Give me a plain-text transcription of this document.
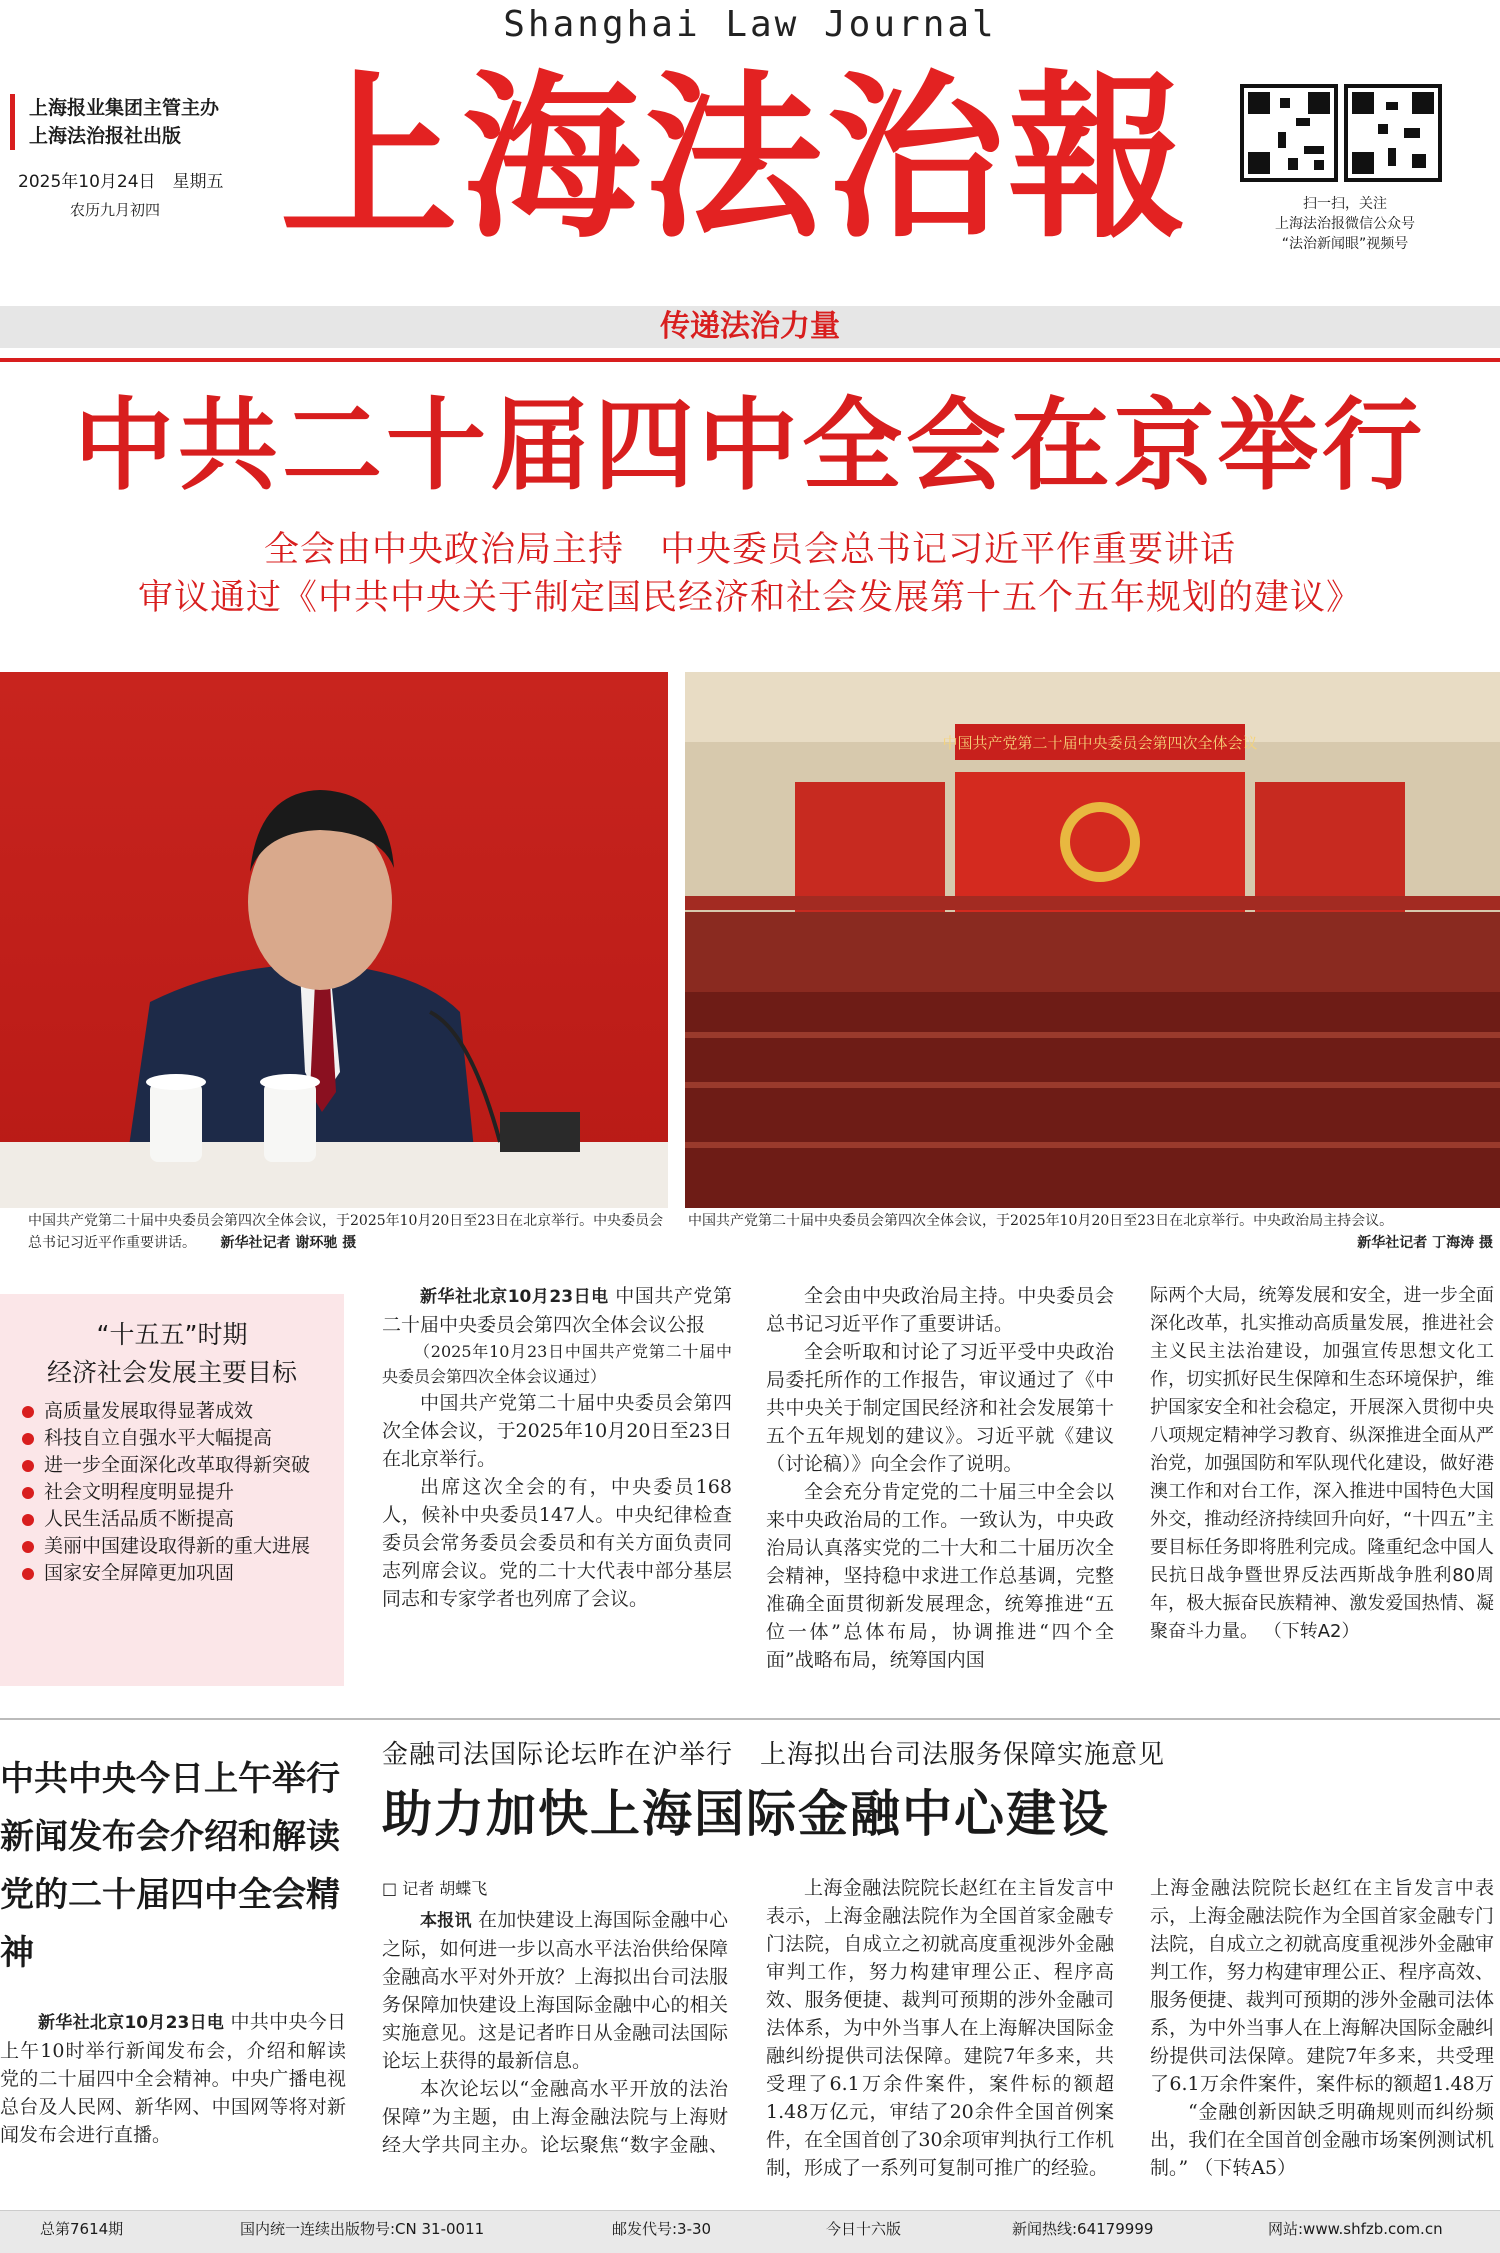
Shanghai Law Journal
上海报业集团主管主办
上海法治报社出版
2025年10月24日　星期五
农历九月初四 上海法治報	扫一扫，关注
上海法治报微信公众号
“法治新闻眼”视频号
传递法治力量
中共二十届四中全会在京举行
全会由中央政治局主持　中央委员会总书记习近平作重要讲话
审议通过《中共中央关于制定国民经济和社会发展第十五个五年规划的建议》
中国共产党第二十届中央委员会第四次全体会议
中国共产党第二十届中央委员会第四次全体会议，于2025年10月20日至23日在北京举行。中央委员会总书记习近平作重要讲话。 新华社记者 谢环驰 摄
中国共产党第二十届中央委员会第四次全体会议，于2025年10月20日至23日在北京举行。中央政治局主持会议。
新华社记者 丁海涛 摄
“十五五”时期
经济社会发展主要目标
高质量发展取得显著成效
科技自立自强水平大幅提高
进一步全面深化改革取得新突破
社会文明程度明显提升
人民生活品质不断提高
美丽中国建设取得新的重大进展
国家安全屏障更加巩固

新华社北京10月23日电 中国共产党第二十届中央委员会第四次全体会议公报

（2025年10月23日中国共产党第二十届中央委员会第四次全体会议通过）

中国共产党第二十届中央委员会第四次全体会议，于2025年10月20日至23日在北京举行。

出席这次全会的有，中央委员168人，候补中央委员147人。中央纪律检查委员会常务委员会委员和有关方面负责同志列席会议。党的二十大代表中部分基层同志和专家学者也列席了会议。

全会由中央政治局主持。中央委员会总书记习近平作了重要讲话。

全会听取和讨论了习近平受中央政治局委托所作的工作报告，审议通过了《中共中央关于制定国民经济和社会发展第十五个五年规划的建议》。习近平就《建议（讨论稿）》向全会作了说明。

全会充分肯定党的二十届三中全会以来中央政治局的工作。一致认为，中央政治局认真落实党的二十大和二十届历次全会精神，坚持稳中求进工作总基调，完整准确全面贯彻新发展理念，统筹推进“五位一体”总体布局，协调推进“四个全面”战略布局，统筹国内国

际两个大局，统筹发展和安全，进一步全面深化改革，扎实推动高质量发展，推进社会主义民主法治建设，加强宣传思想文化工作，切实抓好民生保障和生态环境保护，维护国家安全和社会稳定，开展深入贯彻中央八项规定精神学习教育、纵深推进全面从严治党，加强国防和军队现代化建设，做好港澳工作和对台工作，深入推进中国特色大国外交，推动经济持续回升向好，“十四五”主要目标任务即将胜利完成。隆重纪念中国人民抗日战争暨世界反法西斯战争胜利80周年，极大振奋民族精神、激发爱国热情、凝聚奋斗力量。 （下转A2）

中共中央今日上午举行新闻发布会介绍和解读党的二十届四中全会精神

新华社北京10月23日电 中共中央今日上午10时举行新闻发布会，介绍和解读党的二十届四中全会精神。中央广播电视总台及人民网、新华网、中国网等将对新闻发布会进行直播。

金融司法国际论坛昨在沪举行　上海拟出台司法服务保障实施意见
助力加快上海国际金融中心建设
□ 记者 胡蝶飞

本报讯 在加快建设上海国际金融中心之际，如何进一步以高水平法治供给保障金融高水平对外开放？上海拟出台司法服务保障加快建设上海国际金融中心的相关实施意见。这是记者昨日从金融司法国际论坛上获得的最新信息。

本次论坛以“金融高水平开放的法治保障”为主题，由上海金融法院与上海财经大学共同主办。论坛聚焦“数字金融、

上海金融法院院长赵红在主旨发言中表示，上海金融法院作为全国首家金融专门法院，自成立之初就高度重视涉外金融审判工作，努力构建审理公正、程序高效、服务便捷、裁判可预期的涉外金融司法体系，为中外当事人在上海解决国际金融纠纷提供司法保障。建院7年多来，共受理了6.1万余件案件，案件标的额超1.48万亿元，审结了20余件全国首例案件，在全国首创了30余项审判执行工作机制，形成了一系列可复制可推广的经验。

上海金融法院院长赵红在主旨发言中表示，上海金融法院作为全国首家金融专门法院，自成立之初就高度重视涉外金融审判工作，努力构建审理公正、程序高效、服务便捷、裁判可预期的涉外金融司法体系，为中外当事人在上海解决国际金融纠纷提供司法保障。建院7年多来，共受理了6.1万余件案件，案件标的额超1.48万

“金融创新因缺乏明确规则而纠纷频出，我们在全国首创金融市场案例测试机制。” （下转A5）

总第7614期	国内统一连续出版物号:CN 31-0011	邮发代号:3-30	今日十六版	新闻热线:64179999	网站:www.shfzb.com.cn
